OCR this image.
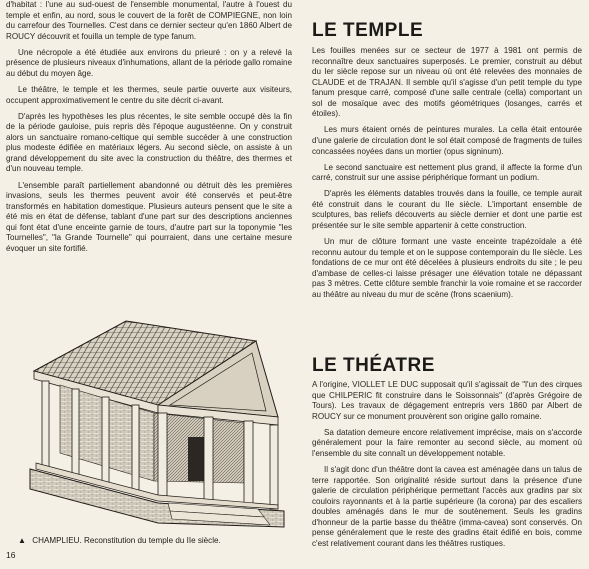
d'habitat : l'une au sud-ouest de l'ensemble monumental, l'autre à l'ouest du temple et enfin, au nord, sous le couvert de la forêt de COMPIEGNE, non loin du carrefour des Tournelles. C'est dans ce dernier secteur qu'en 1860 Albert de ROUCY découvrit et fouilla un temple de type fanum.

Une nécropole a été étudiée aux environs du prieuré : on y a relevé la présence de plusieurs niveaux d'inhumations, allant de la période gallo romaine au début du moyen âge.

Le théâtre, le temple et les thermes, seule partie ouverte aux visiteurs, occupent approximativement le centre du site décrit ci-avant.

D'après les hypothèses les plus récentes, le site semble occupé dès la fin de la période gauloise, puis repris dès l'époque augustéenne. On y construit alors un sanctuaire romano-celtique qui semble succéder à une construction plus modeste édifiée en matériaux légers. Au second siècle, on assiste à un grand développement du site avec la construction du théâtre, des thermes et d'un nouveau temple.

L'ensemble paraît partiellement abandonné ou détruit dès les premières invasions, seuls les thermes peuvent avoir été conservés et peut-être transformés en habitation domestique. Plusieurs auteurs pensent que le site a été mis en état de défense, tablant d'une part sur des descriptions anciennes qui font état d'une enceinte garnie de tours, d'autre part sur la toponymie "les Tournelles", "la Grande Tournelle" qui pourraient, dans une certaine mesure évoquer un site fortifié.

▲ CHAMPLIEU. Reconstitution du temple du IIe siècle.
16
LE TEMPLE

Les fouilles menées sur ce secteur de 1977 à 1981 ont permis de reconnaître deux sanctuaires superposés. Le premier, construit au début du Ier siècle repose sur un niveau où ont été relevées des monnaies de CLAUDE et de TRAJAN. Il semble qu'il s'agisse d'un petit temple du type fanum presque carré, composé d'une salle centrale (cella) comportant un sol de mosaïque avec des motifs géométriques (losanges, carrés et étoiles).

Les murs étaient ornés de peintures murales. La cella était entourée d'une galerie de circulation dont le sol était composé de fragments de tuiles concassées noyées dans un mortier (opus signinum).

Le second sanctuaire est nettement plus grand, il affecte la forme d'un carré, construit sur une assise périphérique formant un podium.

D'après les éléments datables trouvés dans la fouille, ce temple aurait été construit dans le courant du IIe siècle. L'important ensemble de sculptures, bas reliefs découverts au siècle dernier et dont une partie est présentée sur le site semble appartenir à cette construction.

Un mur de clôture formant une vaste enceinte trapézoïdale a été reconnu autour du temple et on le suppose contemporain du IIe siècle. Les fondations de ce mur ont été décelées à plusieurs endroits du site ; le peu d'ambase de celles-ci laisse présager une élévation totale ne dépassant pas 3 mètres. Cette clôture semble franchir la voie romaine et se raccorder au théâtre au niveau du mur de scène (frons scaenium).

LE THÉATRE

A l'origine, VIOLLET LE DUC supposait qu'il s'agissait de "l'un des cirques que CHILPERIC fit construire dans le Soissonnais" (d'après Grégoire de Tours). Les travaux de dégagement entrepris vers 1860 par Albert de ROUCY sur ce monument prouvèrent son origine gallo romaine.

Sa datation demeure encore relativement imprécise, mais on s'accorde généralement pour la faire remonter au second siècle, au moment où l'ensemble du site connaît un développement notable.

Il s'agit donc d'un théâtre dont la cavea est aménagée dans un talus de terre rapportée. Son originalité réside surtout dans la présence d'une galerie de circulation périphérique permettant l'accès aux gradins par six couloirs rayonnants et à la partie supérieure (la corona) par des escaliers doubles aménagés dans le mur de soutènement. Seuls les gradins d'honneur de la partie basse du théâtre (imma-cavea) sont conservés. On pense généralement que le reste des gradins était édifié en bois, comme c'est relativement courant dans les théâtres rustiques.
